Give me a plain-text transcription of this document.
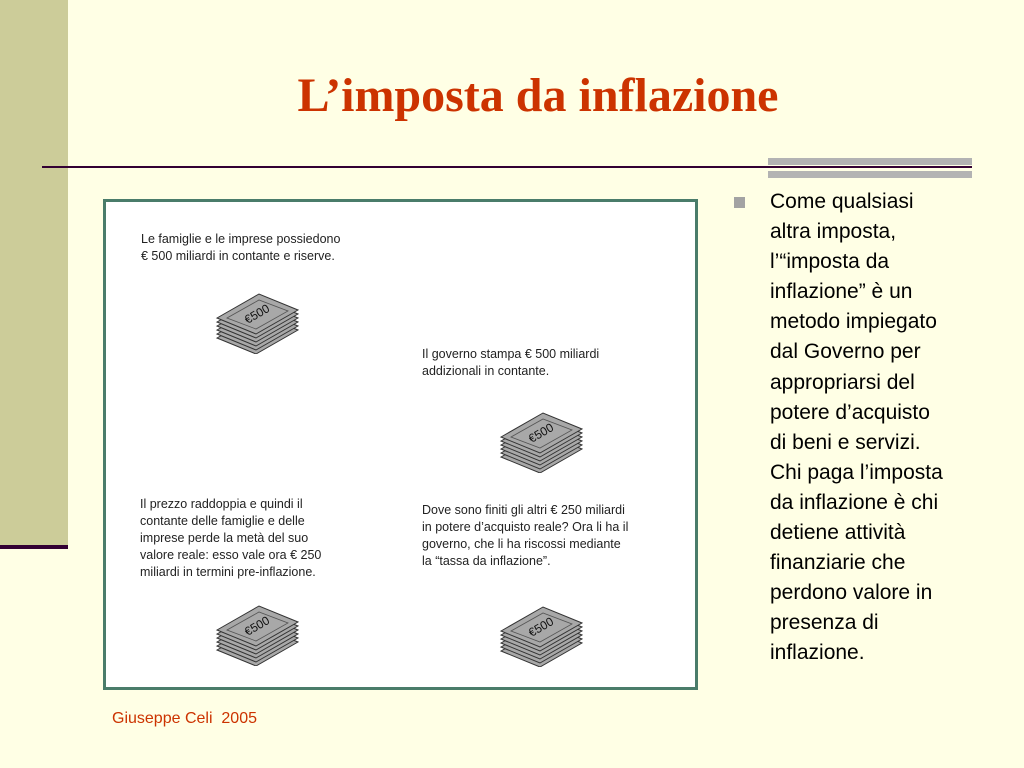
L’imposta da inflazione
Le famiglie e le imprese possiedono
€ 500 miliardi in contante e riserve.
Il governo stampa € 500 miliardi
addizionali in contante.
Il prezzo raddoppia e quindi il
contante delle famiglie e delle
imprese perde la metà del suo
valore reale: esso vale ora € 250
miliardi in termini pre-inflazione.
Dove sono finiti gli altri € 250 miliardi
in potere d’acquisto reale? Ora li ha il
governo, che li ha riscossi mediante
la “tassa da inflazione”.
€500
€500
€500	€500
Come qualsiasi
altra imposta,
l’“imposta da
inflazione” è un
metodo impiegato
dal Governo per
appropriarsi del
potere d’acquisto
di beni e servizi.
Chi paga l’imposta
da inflazione è chi
detiene attività
finanziarie che
perdono valore in
presenza di
inflazione.
Giuseppe Celi  2005
